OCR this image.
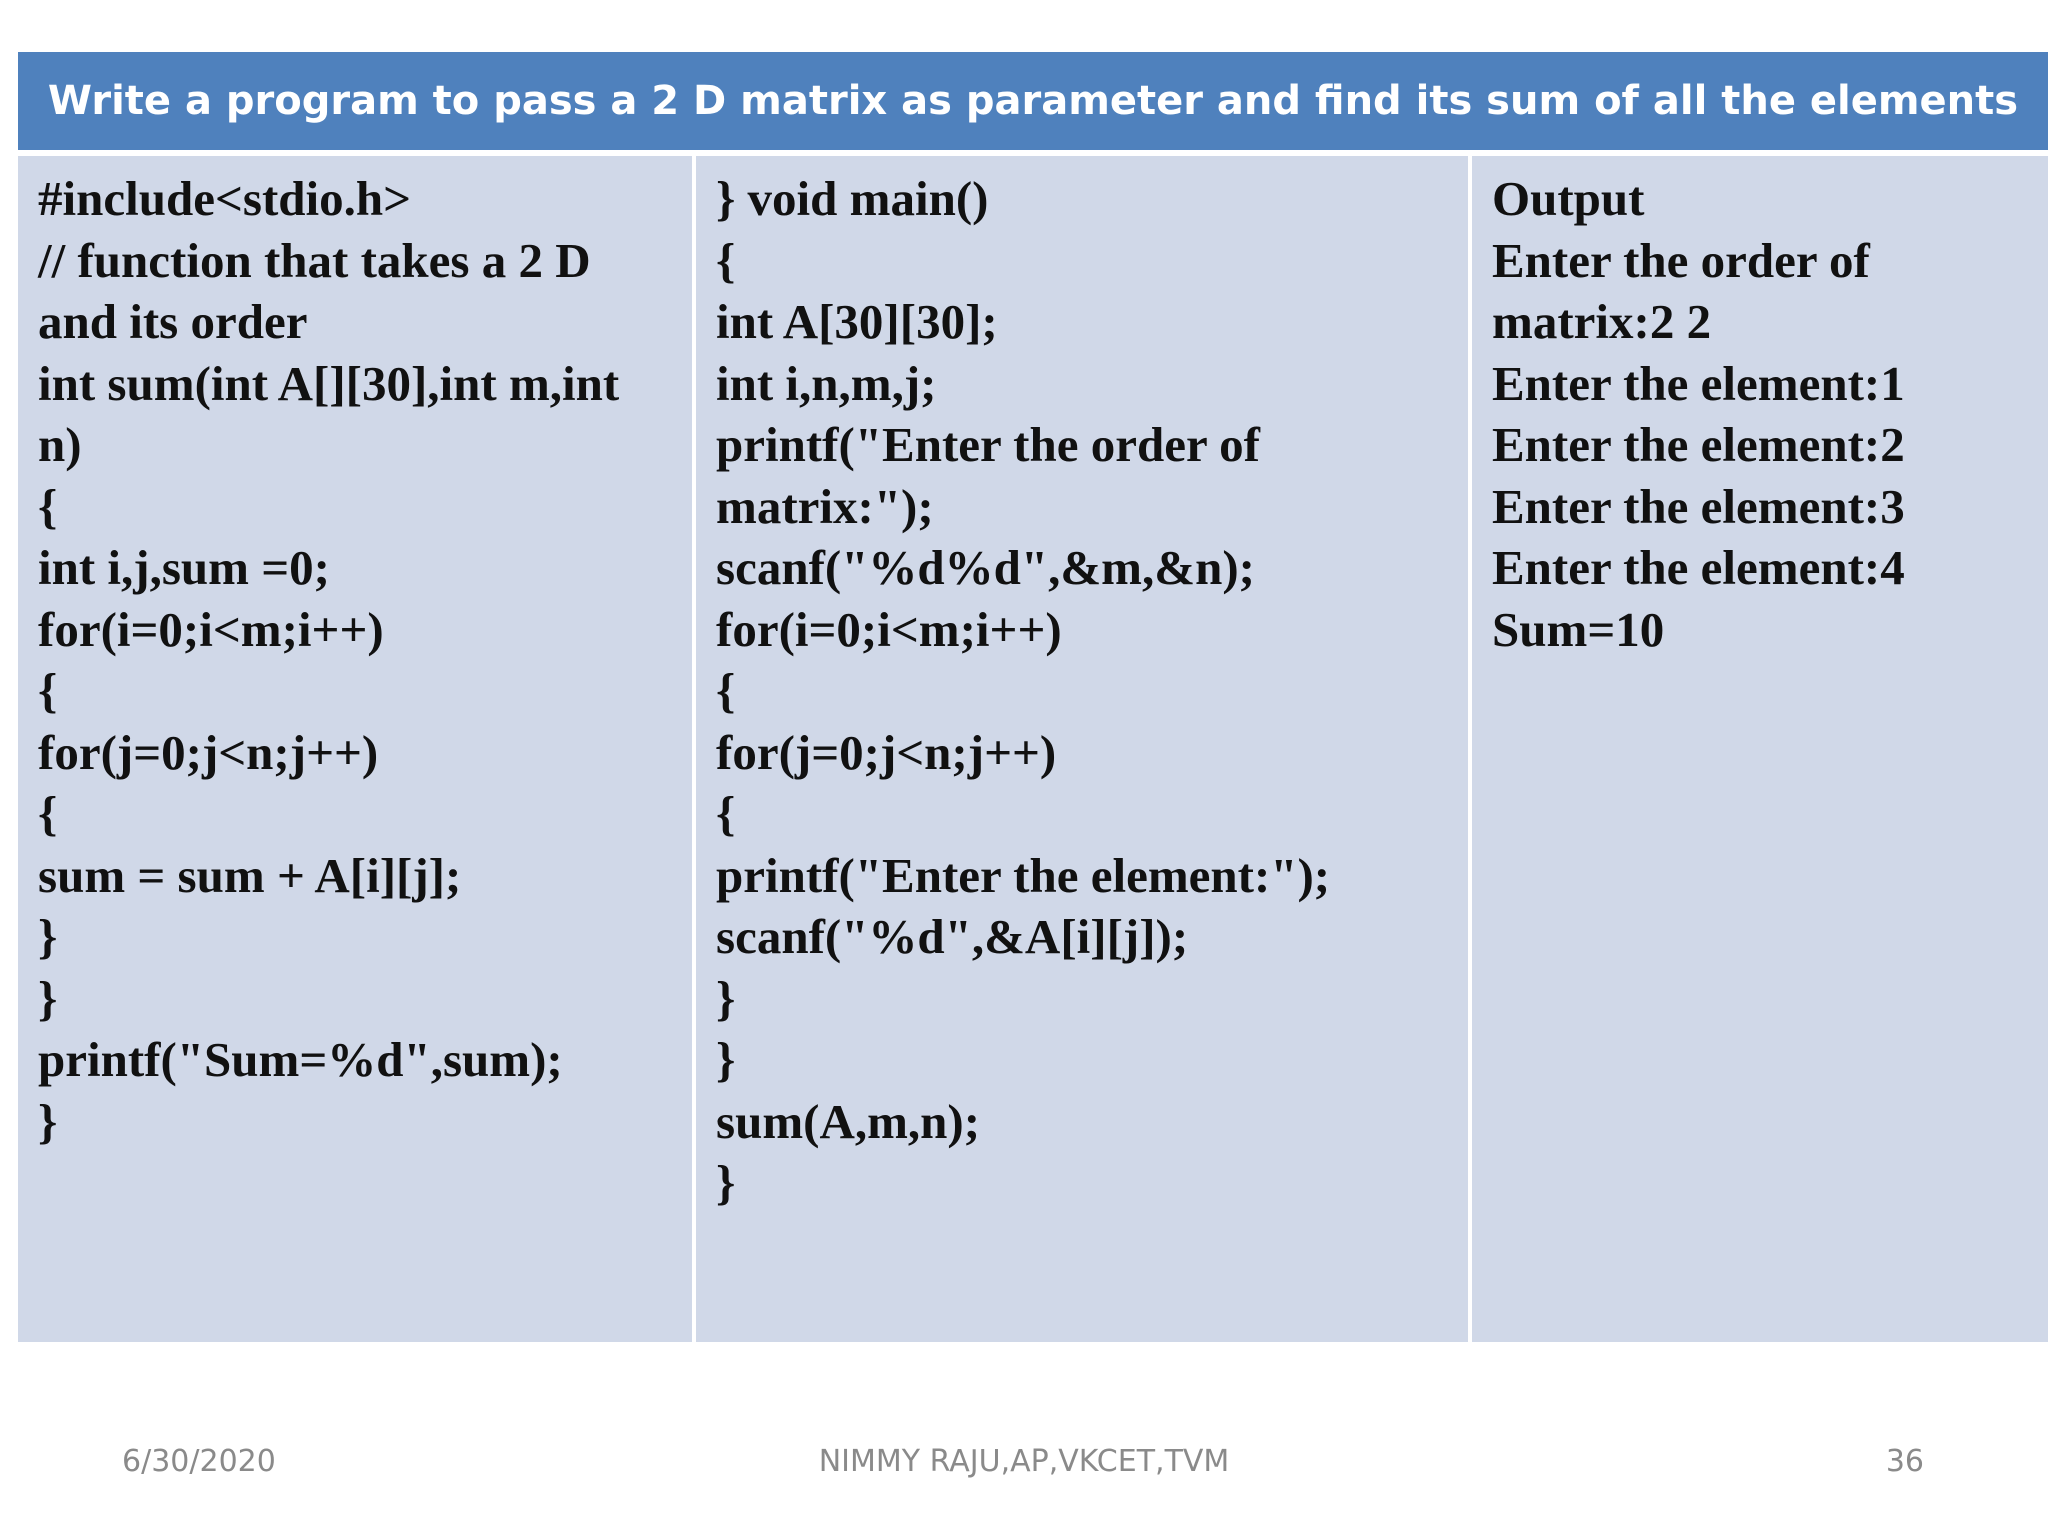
Write a program to pass a 2 D matrix as parameter and find its sum of all the elements
#include<stdio.h>
// function that takes a 2 D
and its order
int sum(int A[][30],int m,int
n)
{
int i,j,sum =0;
for(i=0;i<m;i++)
{
for(j=0;j<n;j++)
{
sum = sum + A[i][j];
}
}
printf("Sum=%d",sum);
}
} void main()
{
int A[30][30];
int i,n,m,j;
printf("Enter the order of
matrix:");
scanf("%d%d",&m,&n);
for(i=0;i<m;i++)
{
for(j=0;j<n;j++)
{
printf("Enter the element:");
scanf("%d",&A[i][j]);
}
}
sum(A,m,n);
}
Output
Enter the order of
matrix:2 2
Enter the element:1
Enter the element:2
Enter the element:3
Enter the element:4
Sum=10
6/30/2020	NIMMY RAJU,AP,VKCET,TVM	36
